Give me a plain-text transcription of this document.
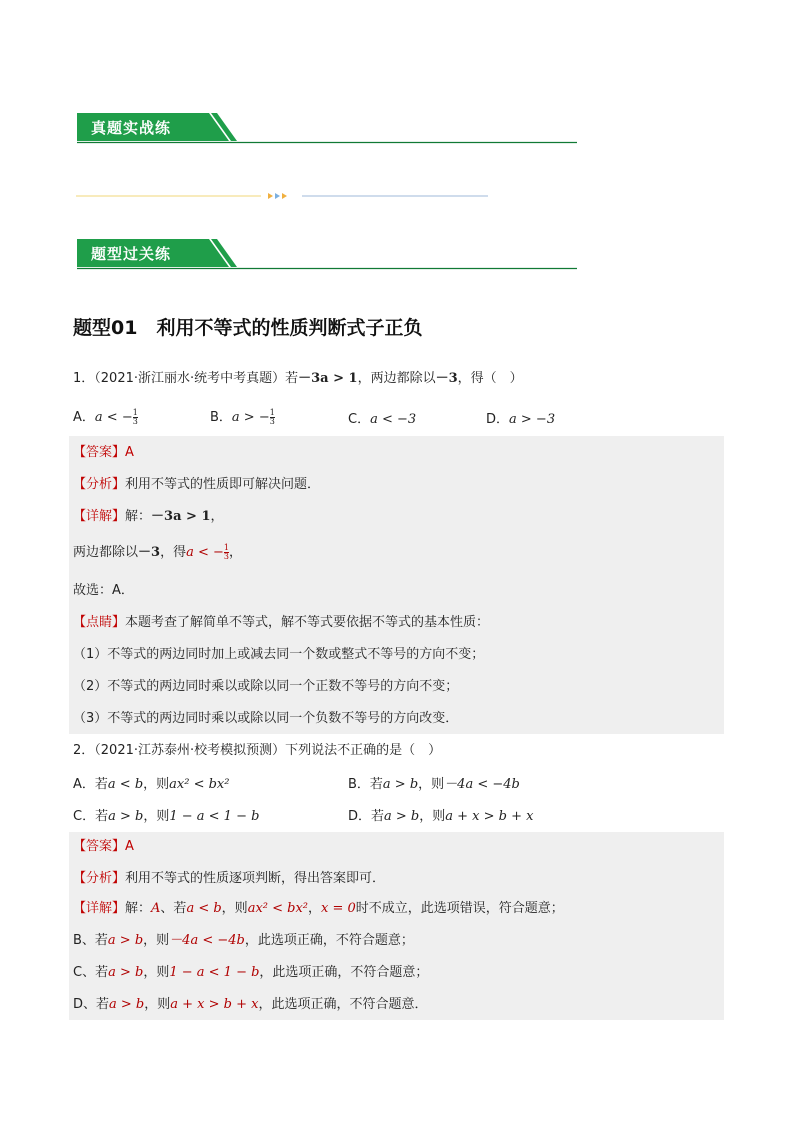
真题实战练
题型过关练
题型01　利用不等式的性质判断式子正负
1．（2021·浙江丽水·统考中考真题）若－3a > 1，两边都除以－3，得（　）
A．a < − $\frac{1}{3}$	B．a > − $\frac{1}{3}$	C．a < −3	D．a > −3
【答案】A
【分析】利用不等式的性质即可解决问题．
【详解】解：－3a > 1，
两边都除以－3，得a < − $\frac{1}{3}$ ，
故选：A．
【点睛】本题考查了解简单不等式，解不等式要依据不等式的基本性质：
（1）不等式的两边同时加上或减去同一个数或整式不等号的方向不变；
（2）不等式的两边同时乘以或除以同一个正数不等号的方向不变；
（3）不等式的两边同时乘以或除以同一个负数不等号的方向改变．
2．（2021·江苏泰州·校考模拟预测）下列说法不正确的是（　）
A．若a < b，则ax² < bx²	B．若a > b，则－4a < −4b
C．若a > b，则1 − a < 1 − b	D．若a > b，则a + x > b + x
【答案】A
【分析】利用不等式的性质逐项判断，得出答案即可．
【详解】解：A、若a < b，则ax² < bx²，x = 0时不成立，此选项错误，符合题意；
B、若a > b，则－4a < −4b，此选项正确，不符合题意；
C、若a > b，则1 − a < 1 − b，此选项正确，不符合题意；
D、若a > b，则a + x > b + x，此选项正确，不符合题意．
